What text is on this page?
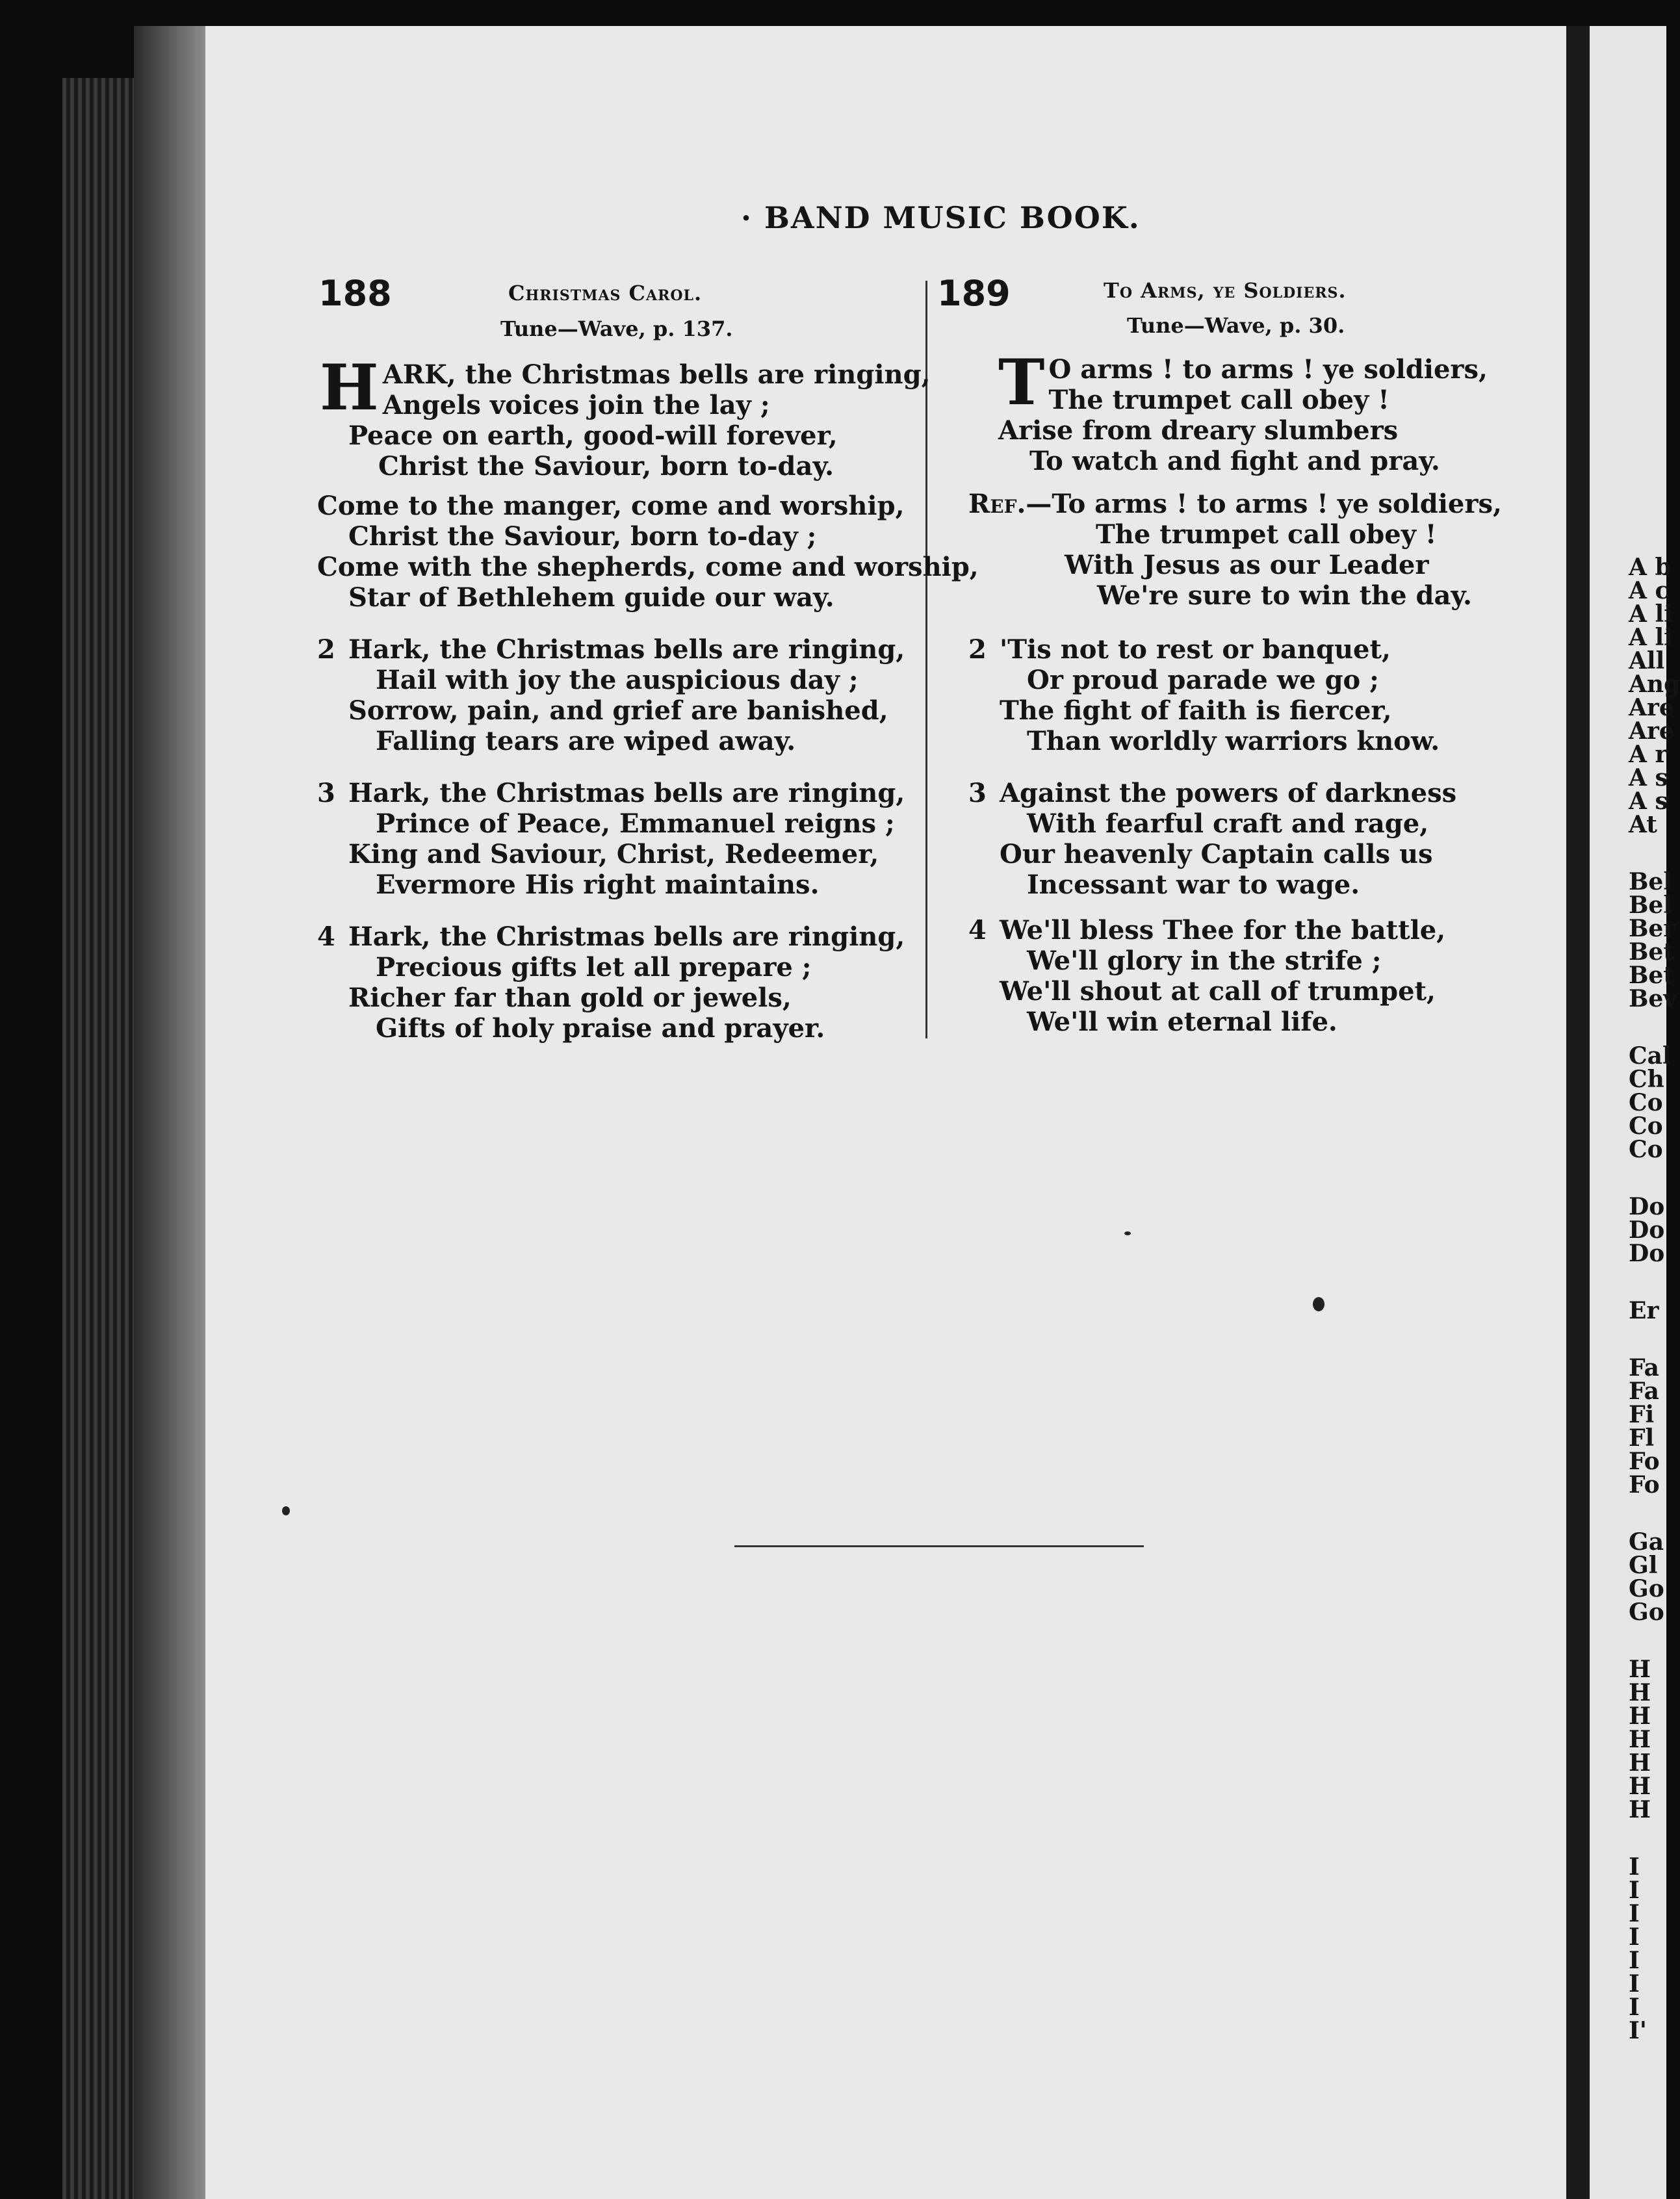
· BAND MUSIC BOOK.
188	Christmas Carol.
Tune—Wave, p. 137.
H ARK, the Christmas bells are ringing,
Angels voices join the lay ;
Peace on earth, good-will forever,
Christ the Saviour, born to-day.
Come to the manger, come and worship,
Christ the Saviour, born to-day ;
Come with the shepherds, come and worship,
Star of Bethlehem guide our way.
2 Hark, the Christmas bells are ringing,
Hail with joy the auspicious day ;
Sorrow, pain, and grief are banished,
Falling tears are wiped away.
3 Hark, the Christmas bells are ringing,
Prince of Peace, Emmanuel reigns ;
King and Saviour, Christ, Redeemer,
Evermore His right maintains.
4 Hark, the Christmas bells are ringing,
Precious gifts let all prepare ;
Richer far than gold or jewels,
Gifts of holy praise and prayer.
189	To Arms, ye Soldiers.
Tune—Wave, p. 30.
T O arms ! to arms ! ye soldiers,
The trumpet call obey !
Arise from dreary slumbers
To watch and fight and pray.
Ref.—To arms ! to arms ! ye soldiers,
The trumpet call obey !
With Jesus as our Leader
We're sure to win the day.
2 'Tis not to rest or banquet,
Or proud parade we go ;
The fight of faith is fiercer,
Than worldly warriors know.
3 Against the powers of darkness
With fearful craft and rage,
Our heavenly Captain calls us
Incessant war to wage.
4 We'll bless Thee for the battle,
We'll glory in the strife ;
We'll shout at call of trumpet,
We'll win eternal life.
A b
A c
A li
A li
All
Ang
Are
Are
A r
A s
A s
At
Bel
Bel
Ber
Bet
Bet
Bev
Cal
Ch
Co
Co
Co
Do
Do
Do
Er
Fa
Fa
Fi
Fl
Fo
Fo
Ga
Gl
Go
Go
H
H
H
H
H
H
H
I
I
I
I
I
I
I
I'
